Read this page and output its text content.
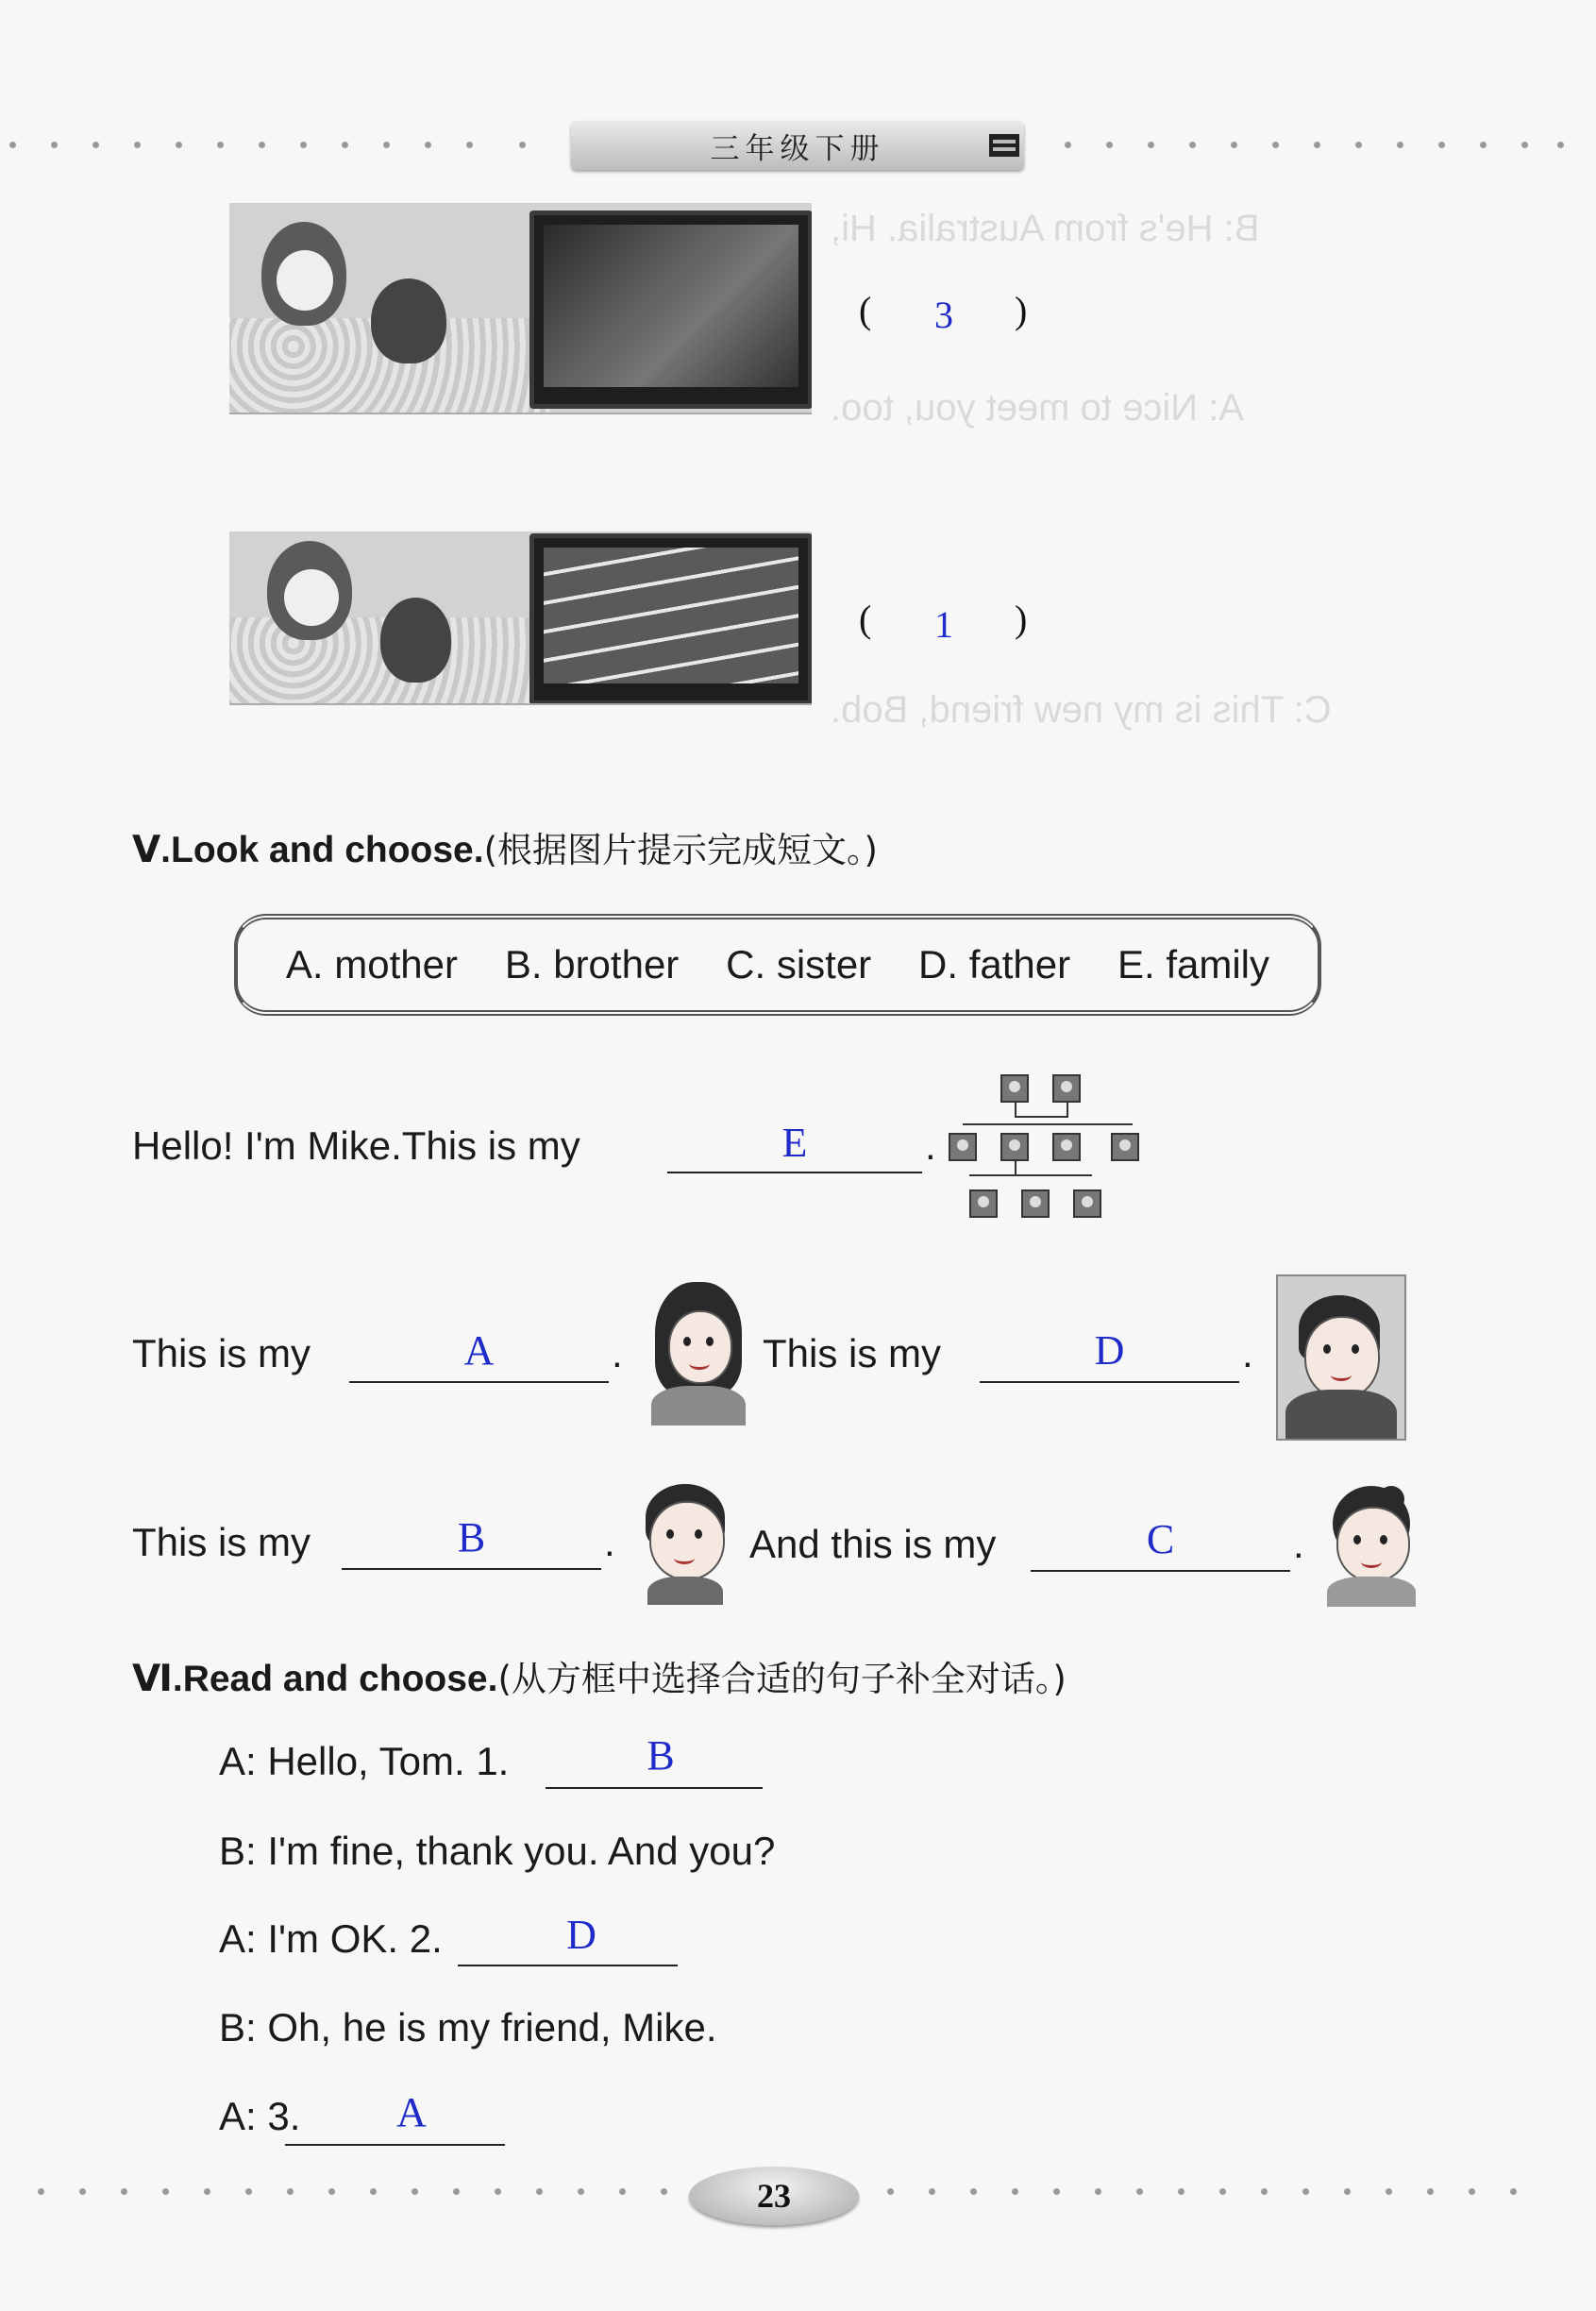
三年级下册
B: He's from Australia. Hi,
A: Nice to meet you, too.
C: This is my new friend, Bob.
( 3 )
( 1 )
Ⅴ.Look and choose.(根据图片提示完成短文。)
A. mother B. brother C. sister D. father E. family
Hello! I'm Mike.This is my	E	.
This is my	A	.	This is my	D	.
This is my	B	.	And this is my	C	.
Ⅵ.Read and choose.(从方框中选择合适的句子补全对话。)
A: Hello, Tom. 1.	B
B: I'm fine, thank you. And you?
A: I'm OK. 2.	D
B: Oh, he is my friend, Mike.
A: 3.	A
23
